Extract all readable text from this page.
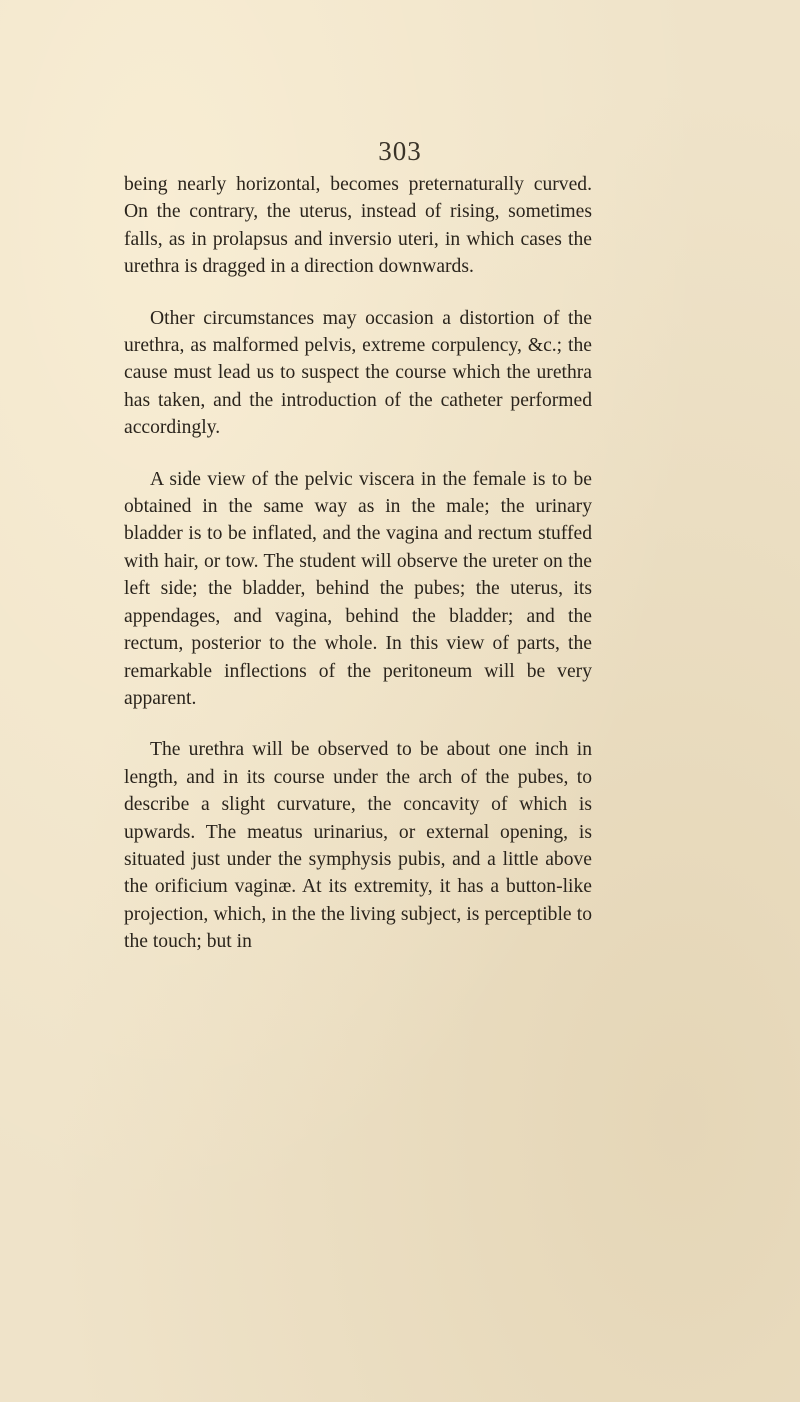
303

being nearly horizontal, becomes preternaturally curved. On the contrary, the uterus, instead of rising, sometimes falls, as in prolapsus and inversio uteri, in which cases the urethra is dragged in a direction downwards.

Other circumstances may occasion a distortion of the urethra, as malformed pelvis, extreme corpulency, &c.; the cause must lead us to suspect the course which the urethra has taken, and the introduction of the catheter performed accordingly.

A side view of the pelvic viscera in the female is to be obtained in the same way as in the male; the urinary bladder is to be inflated, and the vagina and rectum stuffed with hair, or tow. The student will observe the ureter on the left side; the bladder, behind the pubes; the uterus, its appendages, and vagina, behind the bladder; and the rectum, posterior to the whole. In this view of parts, the remarkable inflections of the peritoneum will be very apparent.

The urethra will be observed to be about one inch in length, and in its course under the arch of the pubes, to describe a slight curvature, the concavity of which is upwards. The meatus urinarius, or external opening, is situated just under the symphysis pubis, and a little above the orificium vaginæ. At its extremity, it has a button-like projection, which, in the the living subject, is perceptible to the touch; but in
